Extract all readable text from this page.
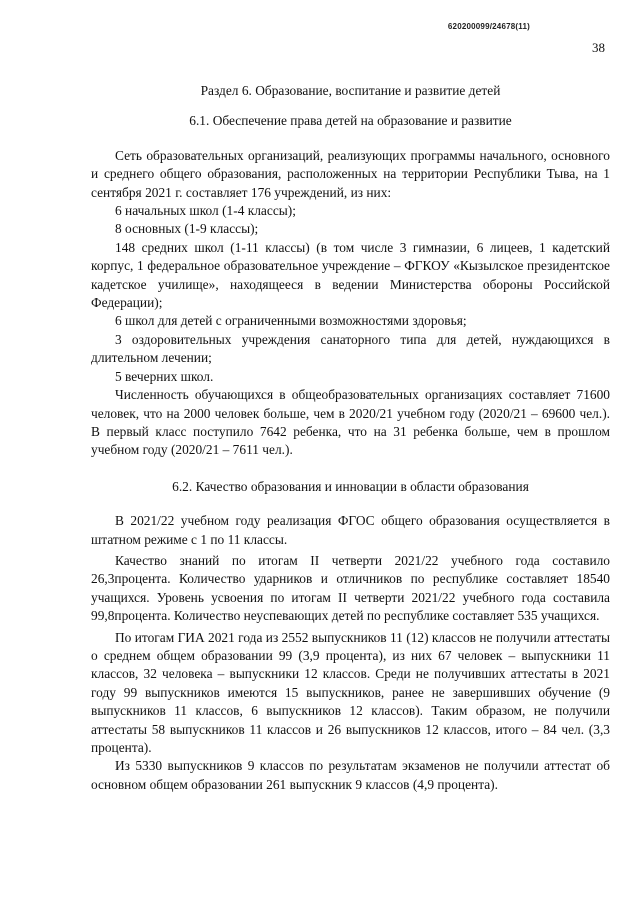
620200099/24678(11)
38
Раздел 6. Образование, воспитание и развитие детей
6.1. Обеспечение права детей на образование и развитие

Сеть образовательных организаций, реализующих программы начального, основного и среднего общего образования, расположенных на территории Республики Тыва, на 1 сентября 2021 г. составляет 176 учреждений, из них:

6 начальных школ (1-4 классы);

8 основных (1-9 классы);

148 средних школ (1-11 классы) (в том числе 3 гимназии, 6 лицеев, 1 кадетский корпус, 1 федеральное образовательное учреждение – ФГКОУ «Кызылское президентское кадетское училище», находящееся в ведении Министерства обороны Российской Федерации);

6 школ для детей с ограниченными возможностями здоровья;

3 оздоровительных учреждения санаторного типа для детей, нуждающихся в длительном лечении;

5 вечерних школ.

Численность обучающихся в общеобразовательных организациях составляет 71600 человек, что на 2000 человек больше, чем в 2020/21 учебном году (2020/21 – 69600 чел.). В первый класс поступило 7642 ребенка, что на 31 ребенка больше, чем в прошлом учебном году (2020/21 – 7611 чел.).

6.2. Качество образования и инновации в области образования

В 2021/22 учебном году реализация ФГОС общего образования осуществляется в штатном режиме с 1 по 11 классы.

Качество знаний по итогам II четверти 2021/22 учебного года составило 26,3процента. Количество ударников и отличников по республике составляет 18540 учащихся. Уровень усвоения по итогам II четверти 2021/22 учебного года составила 99,8процента. Количество неуспевающих детей по республике составляет 535 учащихся.

По итогам ГИА 2021 года из 2552 выпускников 11 (12) классов не получили аттестаты о среднем общем образовании 99 (3,9 процента), из них 67 человек – выпускники 11 классов, 32 человека – выпускники 12 классов. Среди не получивших аттестаты в 2021 году 99 выпускников имеются 15 выпускников, ранее не завершивших обучение (9 выпускников 11 классов, 6 выпускников 12 классов). Таким образом, не получили аттестаты 58 выпускников 11 классов и 26 выпускников 12 классов, итого – 84 чел. (3,3 процента).

Из 5330 выпускников 9 классов по результатам экзаменов не получили аттестат об основном общем образовании 261 выпускник 9 классов (4,9 процента).
